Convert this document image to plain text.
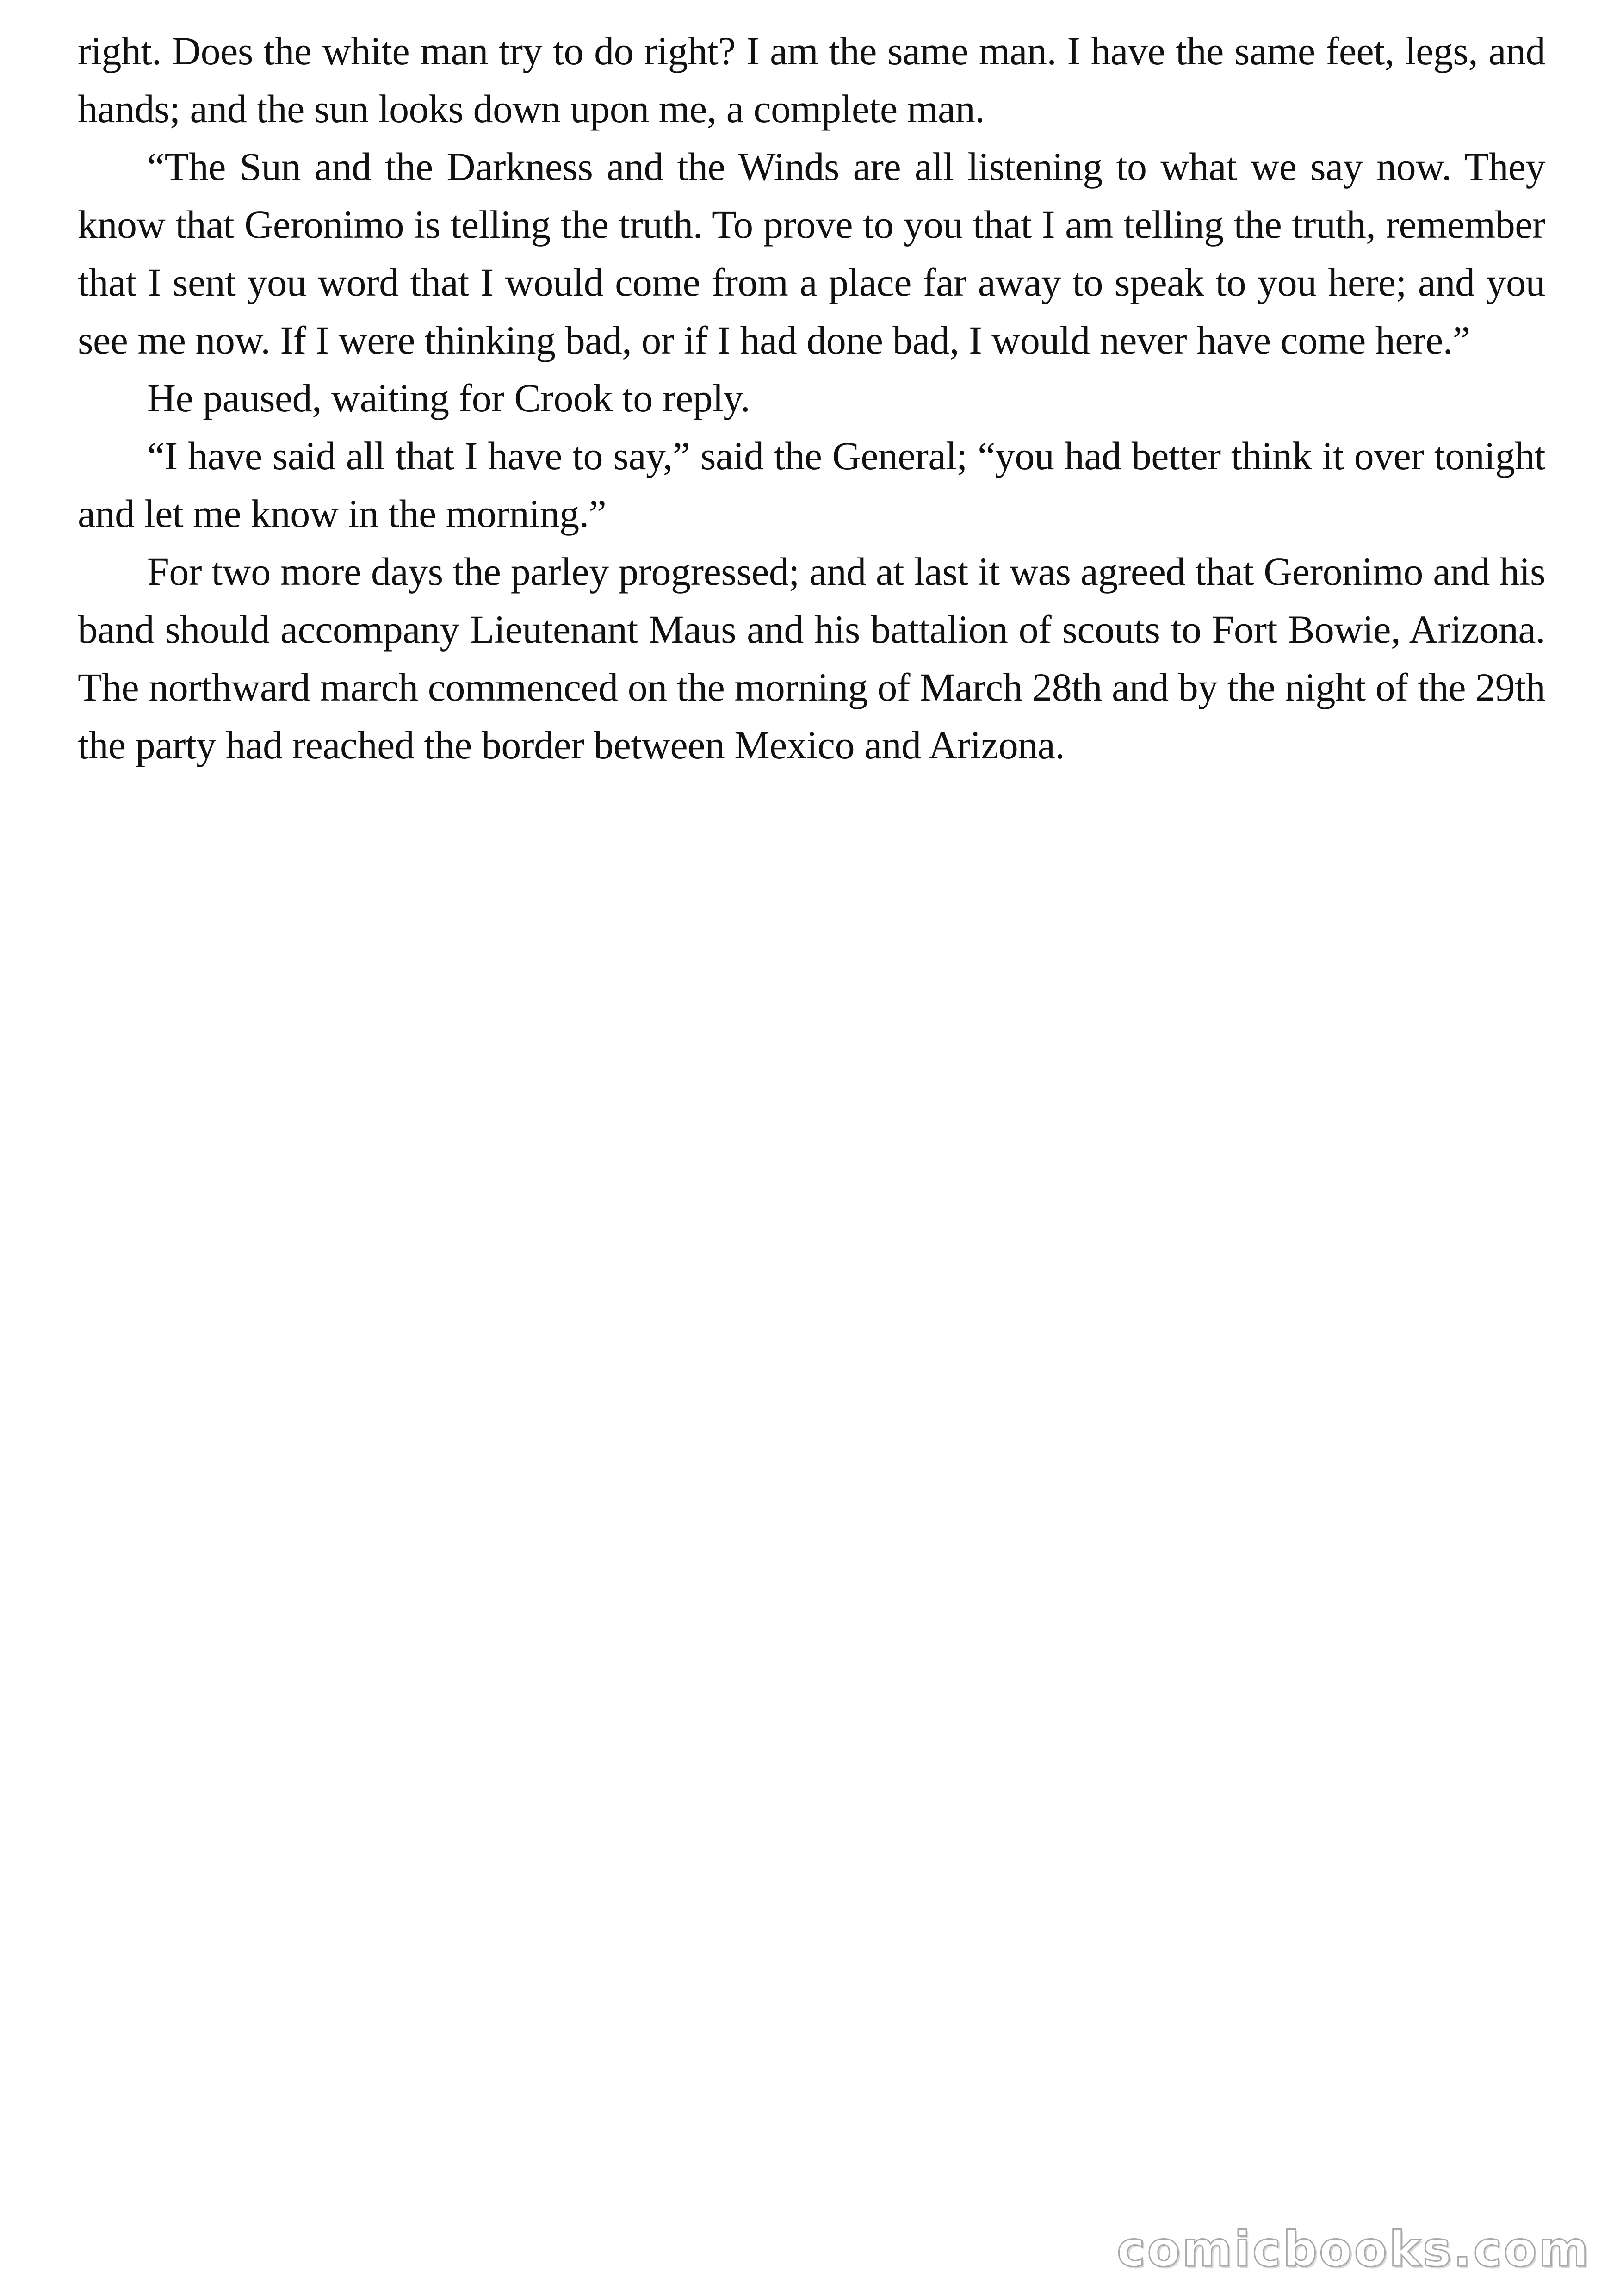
right. Does the white man try to do right? I am the same man. I have the same feet, legs, and hands; and the sun looks down upon me, a complete man.

“The Sun and the Darkness and the Winds are all listening to what we say now. They know that Geronimo is telling the truth. To prove to you that I am telling the truth, remember that I sent you word that I would come from a place far away to speak to you here; and you see me now. If I were thinking bad, or if I had done bad, I would never have come here.”

He paused, waiting for Crook to reply.

“I have said all that I have to say,” said the General; “you had better think it over tonight and let me know in the morning.”

For two more days the parley progressed; and at last it was agreed that Geronimo and his band should accompany Lieutenant Maus and his battalion of scouts to Fort Bowie, Arizona. The northward march commenced on the morning of March 28th and by the night of the 29th the party had reached the border between Mexico and Arizona.

comicbooks.com
